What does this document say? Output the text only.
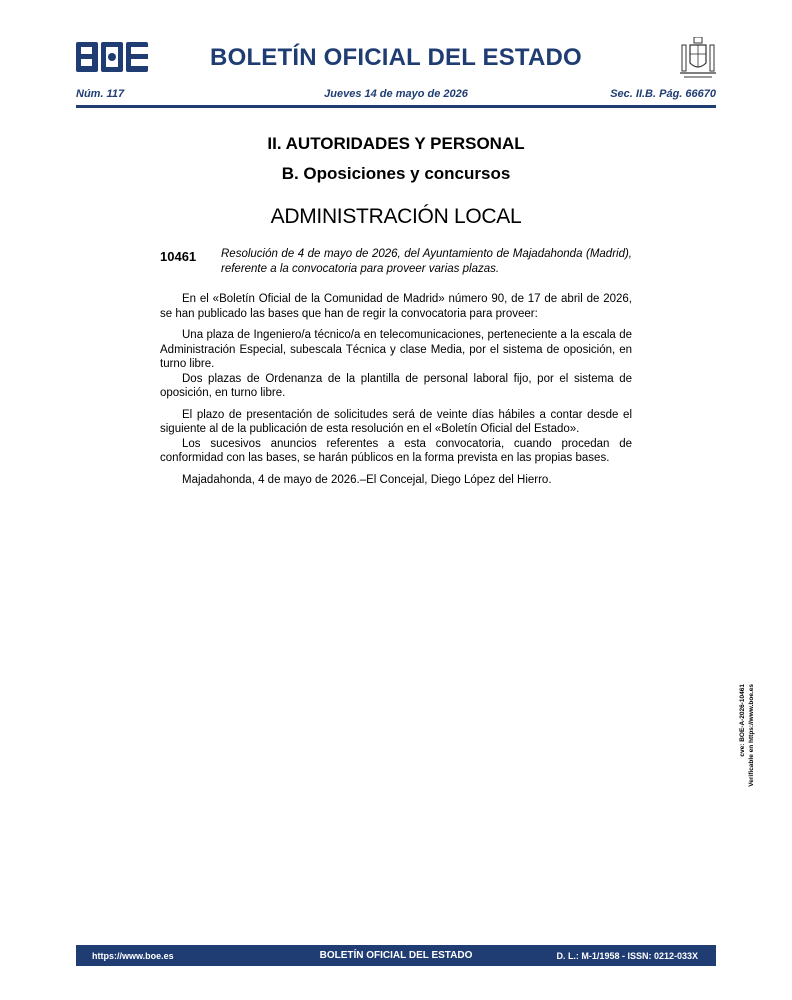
BOLETÍN OFICIAL DEL ESTADO
Jueves 14 de mayo de 2026
Núm. 117	Sec. II.B. Pág. 66670
II. AUTORIDADES Y PERSONAL
B. Oposiciones y concursos
ADMINISTRACIÓN LOCAL
10461 Resolución de 4 de mayo de 2026, del Ayuntamiento de Majadahonda (Madrid), referente a la convocatoria para proveer varias plazas.

En el «Boletín Oficial de la Comunidad de Madrid» número 90, de 17 de abril de 2026, se han publicado las bases que han de regir la convocatoria para proveer:

Una plaza de Ingeniero/a técnico/a en telecomunicaciones, perteneciente a la escala de Administración Especial, subescala Técnica y clase Media, por el sistema de oposición, en turno libre.

Dos plazas de Ordenanza de la plantilla de personal laboral fijo, por el sistema de oposición, en turno libre.

El plazo de presentación de solicitudes será de veinte días hábiles a contar desde el siguiente al de la publicación de esta resolución en el «Boletín Oficial del Estado».

Los sucesivos anuncios referentes a esta convocatoria, cuando procedan de conformidad con las bases, se harán públicos en la forma prevista en las propias bases.

Majadahonda, 4 de mayo de 2026.–El Concejal, Diego López del Hierro.

cve: BOE-A-2026-10461 Verificable en https://www.boe.es
BOLETÍN OFICIAL DEL ESTADO
https://www.boe.es	D. L.: M-1/1958 - ISSN: 0212-033X
